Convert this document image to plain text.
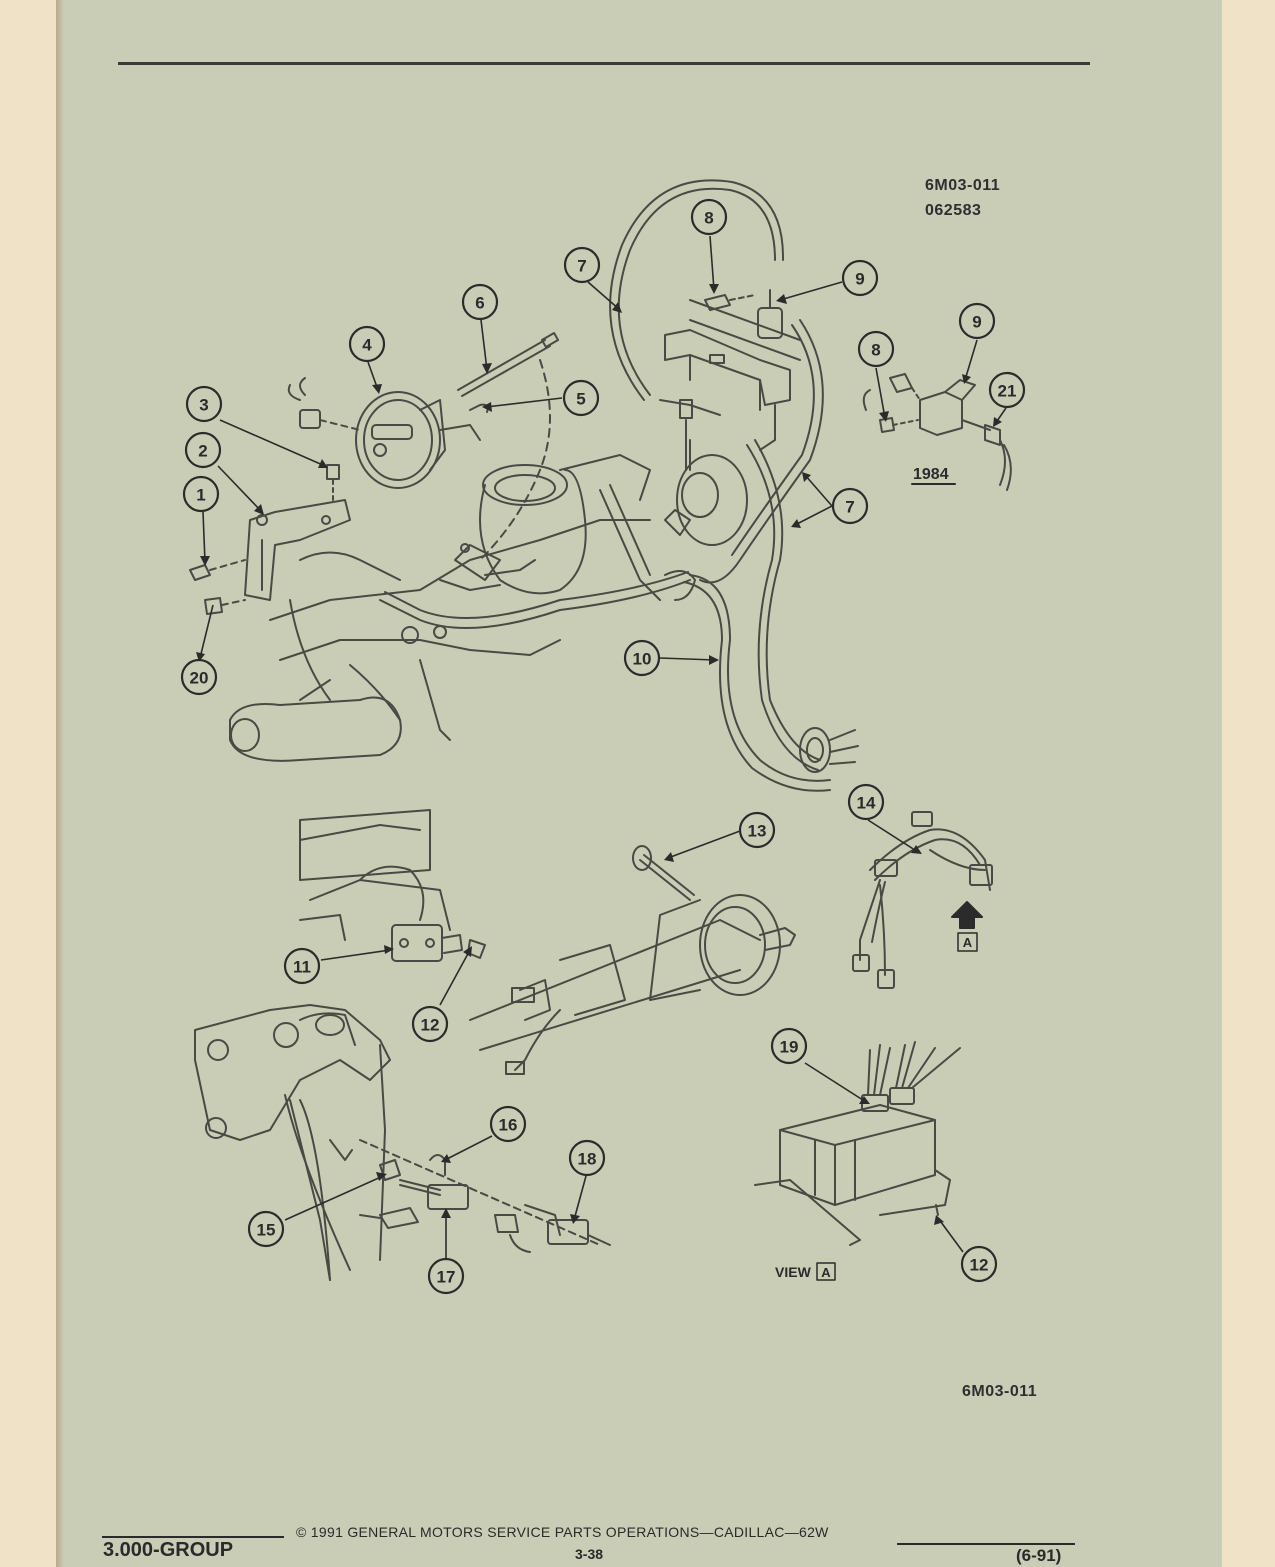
6M03-011
062583
6M03-011
1
2
3
4
6
5
7
8
9
9
8
21
7
10
20
14
13
11
12
19
12
15
16
17
18
1984
A
VIEW A
3.000-GROUP
© 1991 GENERAL MOTORS SERVICE PARTS OPERATIONS—CADILLAC—62W
3-38	(6-91)
